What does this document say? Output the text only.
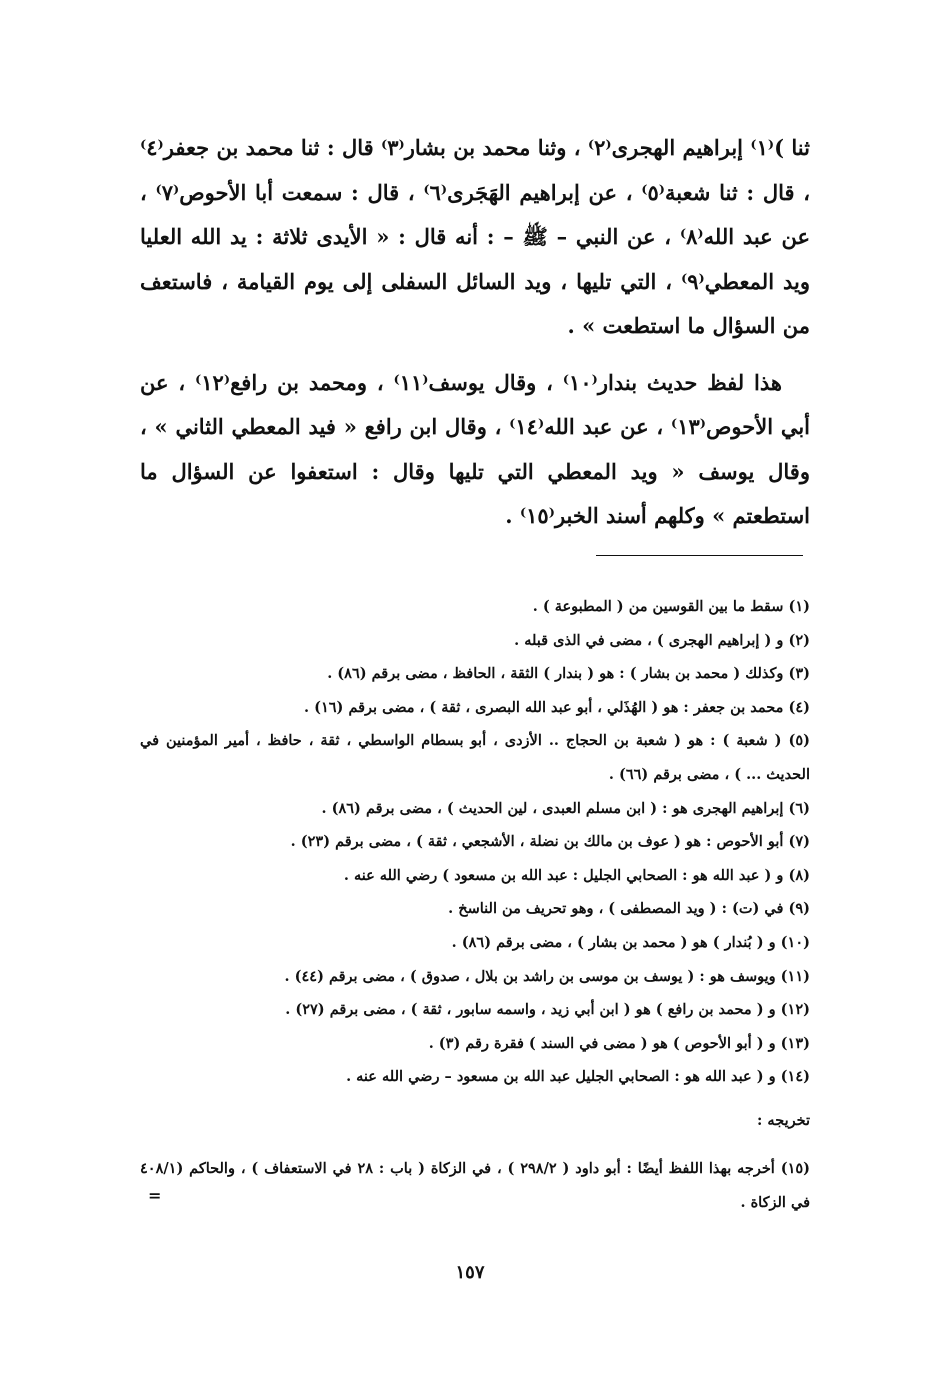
ثنا )⁽١⁾ إبراهيم الهجرى⁽٢⁾ ، وثنا محمد بن بشار⁽٣⁾ قال : ثنا محمد بن جعفر⁽٤⁾ ، قال : ثنا شعبة⁽٥⁾ ، عن إبراهيم الهَجَرى⁽٦⁾ ، قال : سمعت أبا الأحوص⁽٧⁾ ، عن عبد الله⁽٨⁾ ، عن النبي – ﷺ – : أنه قال : « الأيدى ثلاثة : يد الله العليا ويد المعطي⁽٩⁾ ، التي تليها ، ويد السائل السفلى إلى يوم القيامة ، فاستعف من السؤال ما استطعت » .

هذا لفظ حديث بندار⁽١٠⁾ ، وقال يوسف⁽١١⁾ ، ومحمد بن رافع⁽١٢⁾ ، عن أبي الأحوص⁽١٣⁾ ، عن عبد الله⁽١٤⁾ ، وقال ابن رافع « فيد المعطي الثاني » ، وقال يوسف « ويد المعطي التي تليها وقال : استعفوا عن السؤال ما استطعتم » وكلهم أسند الخبر⁽١٥⁾ .

(١) سقط ما بين القوسين من ( المطبوعة ) .

(٢) و ( إبراهيم الهجرى ) ، مضى في الذى قبله .

(٣) وكذلك ( محمد بن بشار ) : هو ( بندار ) الثقة ، الحافظ ، مضى برقم (٨٦) .

(٤) محمد بن جعفر : هو ( الهُذَلي ، أبو عبد الله البصرى ، ثقة ) ، مضى برقم (١٦) .

(٥) ( شعبة ) : هو ( شعبة بن الحجاج .. الأزدى ، أبو بسطام الواسطي ، ثقة ، حافظ ، أمير المؤمنين في الحديث ... ) ، مضى برقم (٦٦) .

(٦) إبراهيم الهجرى هو : ( ابن مسلم العبدى ، لين الحديث ) ، مضى برقم (٨٦) .

(٧) أبو الأحوص : هو ( عوف بن مالك بن نضلة ، الأشجعي ، ثقة ) ، مضى برقم (٢٣) .

(٨) و ( عبد الله هو : الصحابي الجليل : عبد الله بن مسعود ) رضي الله عنه .

(٩) في (ت) : ( ويد المصطفى ) ، وهو تحريف من الناسخ .

(١٠) و ( بُندار ) هو ( محمد بن بشار ) ، مضى برقم (٨٦) .

(١١) ويوسف هو : ( يوسف بن موسى بن راشد بن بلال ، صدوق ) ، مضى برقم (٤٤) .

(١٢) و ( محمد بن رافع ) هو ( ابن أبي زيد ، واسمه سابور ، ثقة ) ، مضى برقم (٢٧) .

(١٣) و ( أبو الأحوص ) هو ( مضى في السند ) فقرة رقم (٣) .

(١٤) و ( عبد الله هو : الصحابي الجليل عبد الله بن مسعود – رضي الله عنه .

تخريجه :

(١٥) أخرجه بهذا اللفظ أيضًا : أبو داود ( ٢٩٨/٢ ) ، في الزكاة ( باب : ٢٨ في الاستعفاف ) ، والحاكم (٤٠٨/١ في الزكاة .

=
١٥٧
